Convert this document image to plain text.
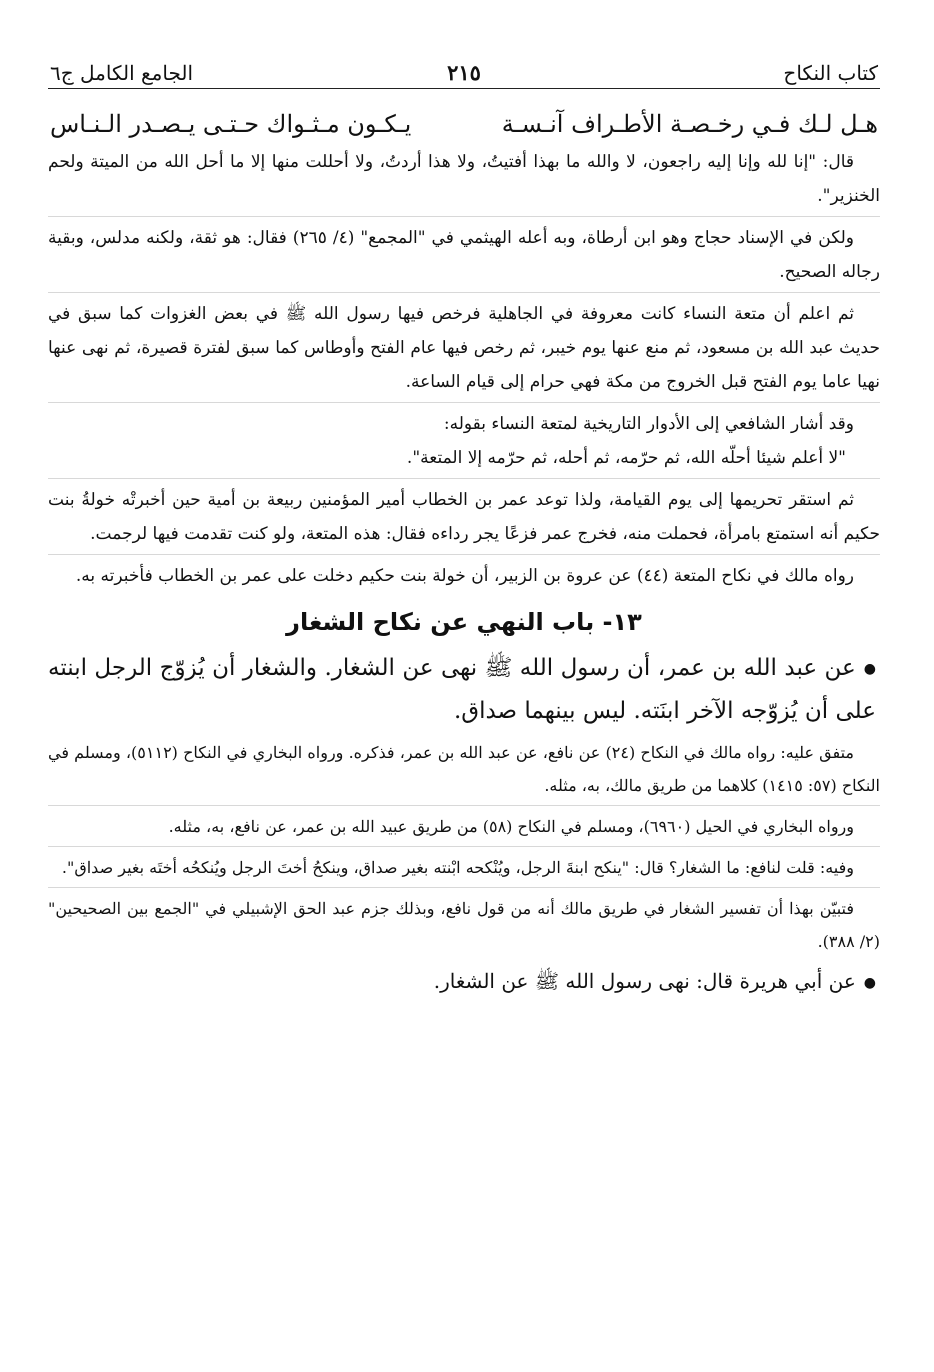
كتاب النكاح
٢١٥
الجامع الكامل ج٦
هـل لـك فـي رخـصـة الأطـراف آنـسـة
يـكـون مـثـواك حـتـى يـصـدر الـنـاس

قال: "إنا لله وإنا إليه راجعون، لا والله ما بهذا أفتيتُ، ولا هذا أردتُ، ولا أحللت منها إلا ما أحل الله من الميتة ولحم الخنزير".

ولكن في الإسناد حجاج وهو ابن أرطاة، وبه أعله الهيثمي في "المجمع" (٤/ ٢٦٥) فقال: هو ثقة، ولكنه مدلس، وبقية رجاله الصحيح.

ثم اعلم أن متعة النساء كانت معروفة في الجاهلية فرخص فيها رسول الله ﷺ في بعض الغزوات كما سبق في حديث عبد الله بن مسعود، ثم منع عنها يوم خيبر، ثم رخص فيها عام الفتح وأوطاس كما سبق لفترة قصيرة، ثم نهى عنها نهيا عاما يوم الفتح قبل الخروج من مكة فهي حرام إلى قيام الساعة.

وقد أشار الشافعي إلى الأدوار التاريخية لمتعة النساء بقوله:

"لا أعلم شيئا أحلّه الله، ثم حرّمه، ثم أحله، ثم حرّمه إلا المتعة".

ثم استقر تحريمها إلى يوم القيامة، ولذا توعد عمر بن الخطاب أمير المؤمنين ربيعة بن أمية حين أخبرتْه خولةُ بنت حكيم أنه استمتع بامرأة، فحملت منه، فخرج عمر فزعًا يجر رداءه فقال: هذه المتعة، ولو كنت تقدمت فيها لرجمت.

رواه مالك في نكاح المتعة (٤٤) عن عروة بن الزبير، أن خولة بنت حكيم دخلت على عمر بن الخطاب فأخبرته به.

١٣- باب النهي عن نكاح الشغار

●عن عبد الله بن عمر، أن رسول الله ﷺ نهى عن الشغار. والشغار أن يُزوّج الرجل ابنته على أن يُزوّجه الآخر ابنَته. ليس بينهما صداق.

متفق عليه: رواه مالك في النكاح (٢٤) عن نافع، عن عبد الله بن عمر، فذكره. ورواه البخاري في النكاح (٥١١٢)، ومسلم في النكاح (٥٧: ١٤١٥) كلاهما من طريق مالك، به، مثله.

ورواه البخاري في الحيل (٦٩٦٠)، ومسلم في النكاح (٥٨) من طريق عبيد الله بن عمر، عن نافع، به، مثله.

وفيه: قلت لنافع: ما الشغار؟ قال: "ينكح ابنةَ الرجل، ويُنْكحه ابْنته بغير صداق، وينكحُ أختَ الرجل ويُنكحُه أختَه بغير صداق".

فتبيّن بهذا أن تفسير الشغار في طريق مالك أنه من قول نافع، وبذلك جزم عبد الحق الإشبيلي في "الجمع بين الصحيحين" (٢/ ٣٨٨).

●عن أبي هريرة قال: نهى رسول الله ﷺ عن الشغار.
